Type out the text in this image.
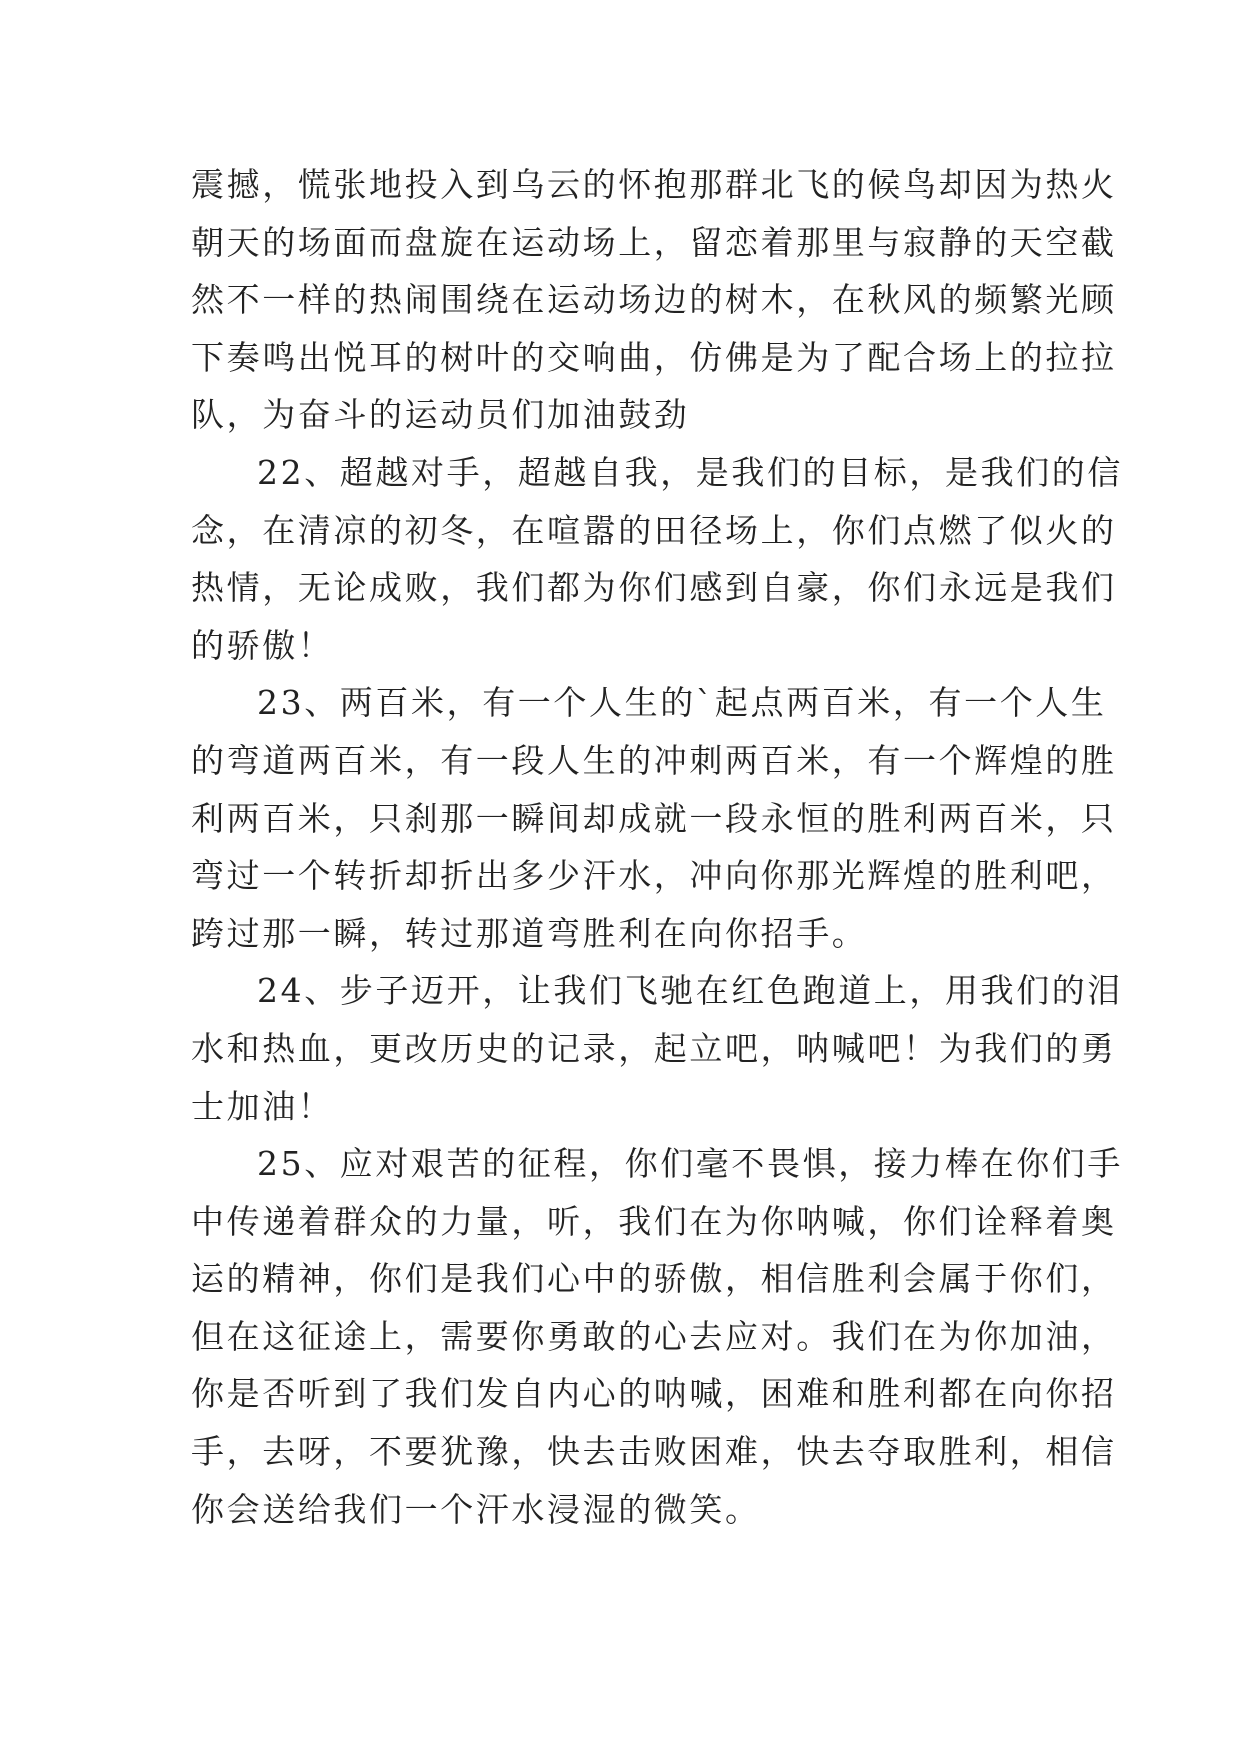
震撼，慌张地投入到乌云的怀抱那群北飞的候鸟却因为热火
朝天的场面而盘旋在运动场上，留恋着那里与寂静的天空截
然不一样的热闹围绕在运动场边的树木，在秋风的频繁光顾
下奏鸣出悦耳的树叶的交响曲，仿佛是为了配合场上的拉拉
队，为奋斗的运动员们加油鼓劲
22、超越对手，超越自我，是我们的目标，是我们的信
念，在清凉的初冬，在喧嚣的田径场上，你们点燃了似火的
热情，无论成败，我们都为你们感到自豪，你们永远是我们
的骄傲！
23、两百米，有一个人生的`起点两百米，有一个人生
的弯道两百米，有一段人生的冲刺两百米，有一个辉煌的胜
利两百米，只刹那一瞬间却成就一段永恒的胜利两百米，只
弯过一个转折却折出多少汗水，冲向你那光辉煌的胜利吧，
跨过那一瞬，转过那道弯胜利在向你招手。
24、步子迈开，让我们飞驰在红色跑道上，用我们的泪
水和热血，更改历史的记录，起立吧，呐喊吧！为我们的勇
士加油！
25、应对艰苦的征程，你们毫不畏惧，接力棒在你们手
中传递着群众的力量，听，我们在为你呐喊，你们诠释着奥
运的精神，你们是我们心中的骄傲，相信胜利会属于你们，
但在这征途上，需要你勇敢的心去应对。我们在为你加油，
你是否听到了我们发自内心的呐喊，困难和胜利都在向你招
手，去呀，不要犹豫，快去击败困难，快去夺取胜利，相信
你会送给我们一个汗水浸湿的微笑。
